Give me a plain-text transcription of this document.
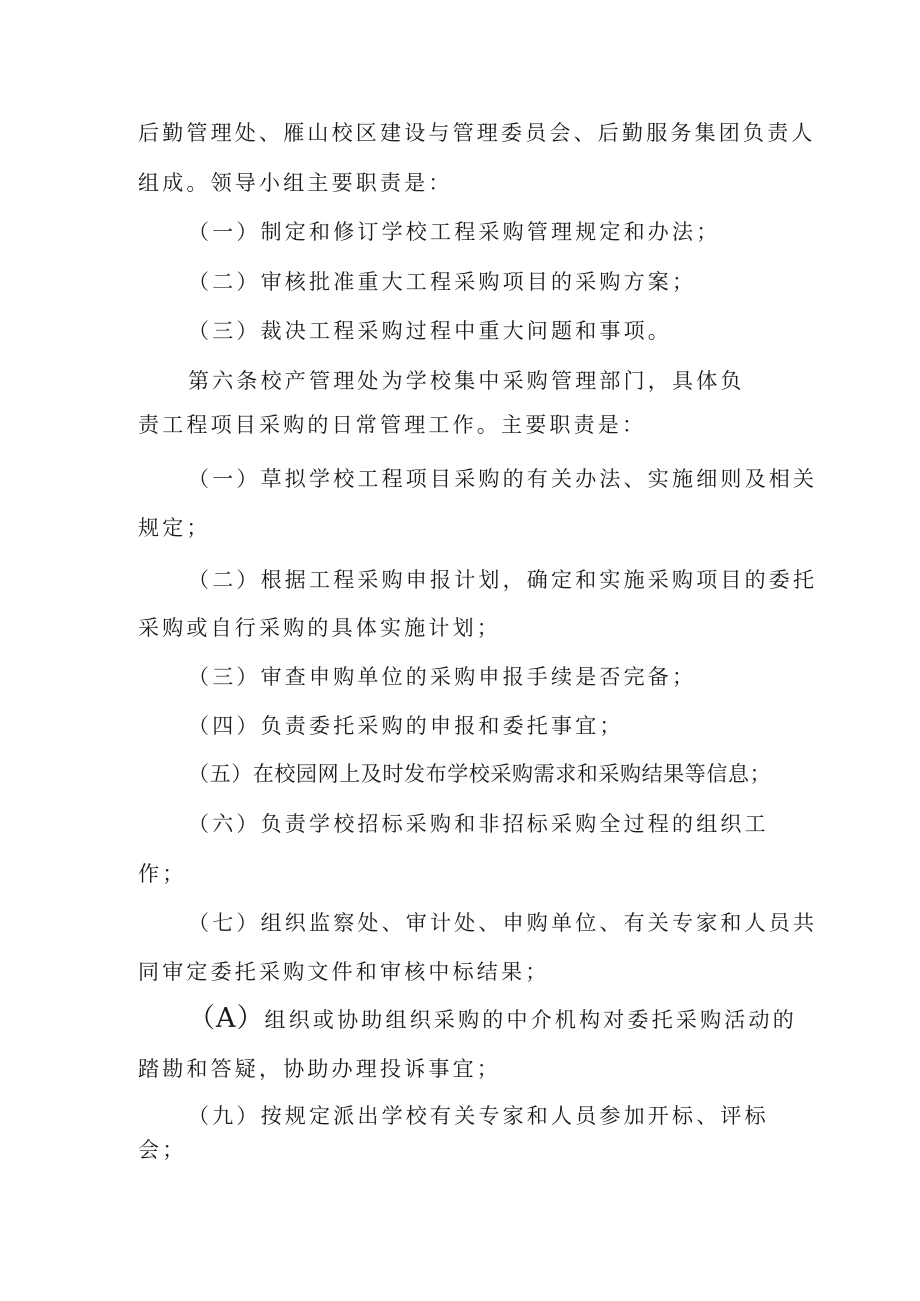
后勤管理处、雁山校区建设与管理委员会、后勤服务集团负责人
组成。领导小组主要职责是：
（一）制定和修订学校工程采购管理规定和办法；
（二）审核批准重大工程采购项目的采购方案；
（三）裁决工程采购过程中重大问题和事项。
第六条校产管理处为学校集中采购管理部门，具体负
责工程项目采购的日常管理工作。主要职责是：
（一）草拟学校工程项目采购的有关办法、实施细则及相关
规定；
（二）根据工程采购申报计划，确定和实施采购项目的委托
采购或自行采购的具体实施计划；
（三）审查申购单位的采购申报手续是否完备；
（四）负责委托采购的申报和委托事宜；
（五）在校园网上及时发布学校采购需求和采购结果等信息；
（六）负责学校招标采购和非招标采购全过程的组织工
作；
（七）组织监察处、审计处、申购单位、有关专家和人员共
同审定委托采购文件和审核中标结果；
（A）组织或协助组织采购的中介机构对委托采购活动的
踏勘和答疑，协助办理投诉事宜；
（九）按规定派出学校有关专家和人员参加开标、评标
会；
